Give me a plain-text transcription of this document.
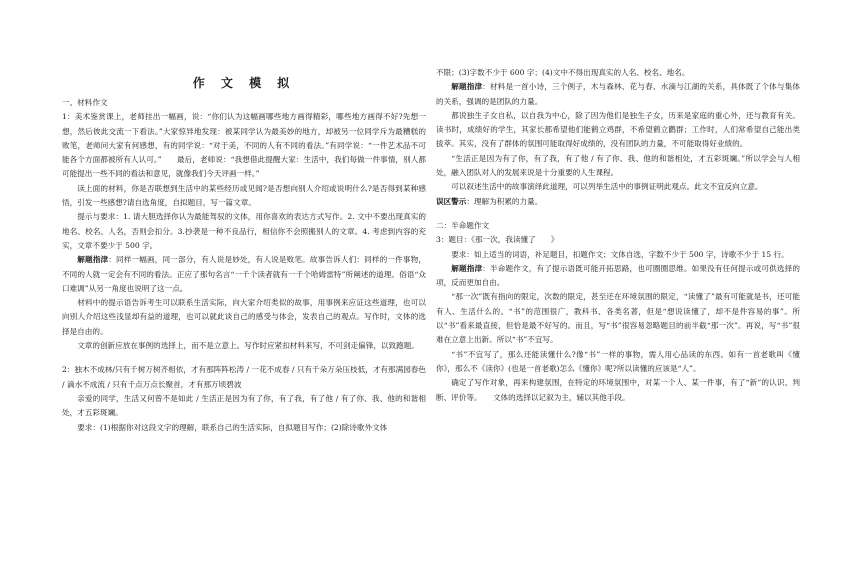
作 文 模 拟

一、材料作文

1：美术鉴赏课上，老师挂出一幅画，说：“你们认为这幅画哪些地方画得精彩，哪些地方画得不好?先想一想，然后彼此交流一下看法。”大家惊异地发现：被某同学认为最美妙的地方，却被另一位同学斥为最糟糕的败笔，老师问大家有何感想，有的同学说：“对于美，不同的人有不同的看法。”有同学说：“一件艺术品不可能各个方面都被所有人认可。”　　最后，老师说：“我想借此提醒大家：生活中，我们每做一件事情，别人都可能提出一些不同的看法和意见，就像我们今天评画一样。”

读上面的材料，你是否联想到生活中的某些经历或见闻?是否想向别人介绍或说明什么?是否得到某种感悟，引发一些感想?请自选角度，自拟题目，写一篇文章。

提示与要求：1. 请大胆选择你认为最能驾驭的文体，用你喜欢的表达方式写作。2. 文中不要出现真实的地名、校名、人名，否则会扣分。3.抄袭是一种不良品行，相信你不会照搬别人的文章。4. 考虑到内容的充实，文章不要少于 500 字。

解题指津：同样一幅画，同一部分，有人说是妙处，有人说是败笔。故事告诉人们：同样的一件事物，不同的人就一定会有不同的看法。正应了那句名言“一千个读者就有一千个哈姆雷特”所阐述的道理。俗语“众口难调”从另一角度也说明了这一点。

材料中的提示语告诉考生可以联系生活实际，向大家介绍类似的故事，用事例来应证这些道理，也可以向别人介绍这些浅显却有益的道理，也可以就此谈自己的感受与体会，发表自己的观点。写作时，文体的选择是自由的。

文章的创新应放在事例的选择上，而不是立意上。写作时应紧扣材料来写，不可剑走偏锋，以致跑题。

2：独木不成林/只有千树万树齐相依，才有那阵阵松涛 / 一花不成春 / 只有千朵万朵压枝低，才有那满园春色 / 滴水不成流 / 只有千点万点长聚首，才有那万顷碧波

亲爱的同学，生活又何曾不是如此 / 生活正是因为有了你，有了我，有了他 / 有了你、我、他的和谐相处，才五彩斑斓。

要求：(1)根据你对这段文字的理解，联系自己的生活实际，自拟题目写作；(2)除诗歌外文体

不限；(3)字数不少于 600 字；(4)文中不得出现真实的人名、校名、地名。

解题指津：材料是一首小诗，三个例子，木与森林、花与春、水滴与江湖的关系，具体既了个体与集体的关系，强调的是团队的力量。

都说独生子女自私，以自我为中心，除了因为他们是独生子女，历来是家庭的重心外，还与教育有关。读书时，成绩好的学生，其家长都希望他们能鹤立鸡群，不希望鹤立鹳群；工作时，人们常希望自己能出类拔萃。其实，没有了群体的氛围可能取得好成绩的，没有团队的力量，不可能取得好业绩的。

“生活正是因为有了你，有了我，有了他 / 有了你、我、他的和谐相处，才五彩斑斓。”所以学会与人相处，融入团队对人的发展来说是十分重要的人生课程。

可以叙述生活中的故事演绎此道理，可以列举生活中的事例证明此观点。此文不宜反向立意。

误区警示：理解为积累的力量。

二：半命题作文

3：题目：《那一次，我读懂了　　》

要求：如上适当的词语，补足题目，扣题作文；文体自选，字数不少于 500 字，诗歌不少于 15 行。

解题指津：半命题作文，有了提示语既可能开拓思路，也可圈圈思维。如果没有任何提示或可供选择的项，反而更加自由。

“那一次”既有指向的限定，次数的限定，甚至还在环境氛围的限定，“读懂了”最有可能就是书，还可能有人、生活什么的。“书”的范围很广，教科书、各类名著，但是“想说读懂了，却不是件容易的事”。所以“书”看来最直接，但恰是最不好写的。而且，写“书”很容易忽略题目的前半截“那一次”。再说，写“书”很难在立意上出新。所以“书”不宜写。

“书”不宜写了，那么还能读懂什么?像“书”一样的事物，需人用心品读的东西。如有一首老歌叫《懂你》，那么不《读你》(也是一首老歌)怎么《懂你》呢?所以读懂的应该是“人”。

确定了写作对象，再来构建氛围，在特定的环境氛围中，对某一个人、某一件事，有了“新”的认识、判断、评价等。　　文体的选择以记叙为主，辅以其他手段。
